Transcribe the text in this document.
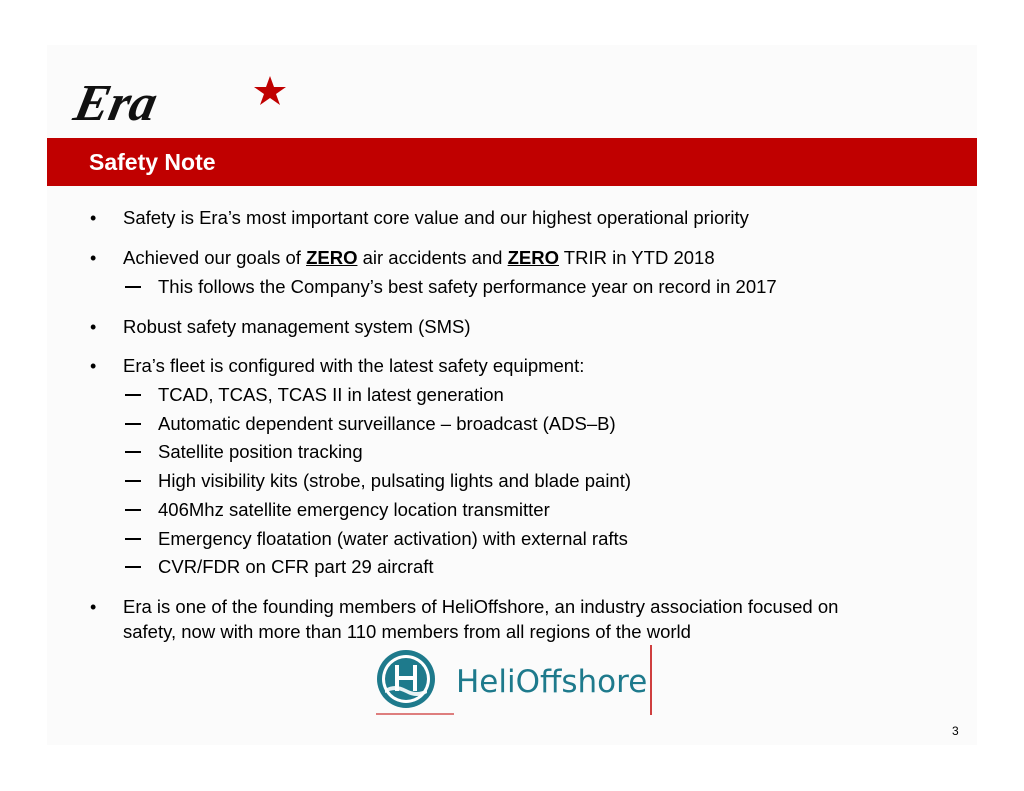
Era
Safety Note
• Safety is Era’s most important core value and our highest operational priority
• Achieved our goals of ZERO air accidents and ZERO TRIR in YTD 2018
This follows the Company’s best safety performance year on record in 2017
• Robust safety management system (SMS)
• Era’s fleet is configured with the latest safety equipment:
TCAD, TCAS, TCAS II in latest generation
Automatic dependent surveillance – broadcast (ADS–B)
Satellite position tracking
High visibility kits (strobe, pulsating lights and blade paint)
406Mhz satellite emergency location transmitter
Emergency floatation (water activation) with external rafts
CVR/FDR on CFR part 29 aircraft
• Era is one of the founding members of HeliOffshore, an industry association focused on
safety, now with more than 110 members from all regions of the world
HeliOffshore
3
